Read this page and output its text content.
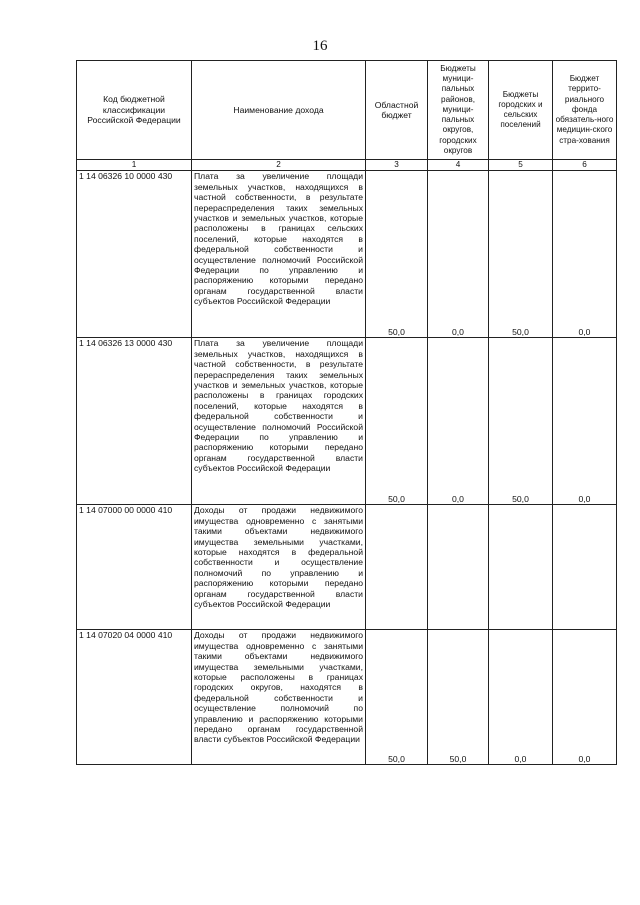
16
Код бюджетной классификации Российской Федерации	Наименование дохода	Областной бюджет	Бюджеты муници-пальных районов, муници-пальных округов, городских округов	Бюджеты городских и сельских поселений	Бюджет террито-риального фонда обязатель-ного медицин-ского стра-хования
1	2	3	4	5	6
1 14 06326 10 0000 430	Плата за увеличение площади земельных участков, находящихся в частной собственности, в результате перераспределения таких земельных участков и земельных участков, которые расположены в границах сельских поселений, которые находятся в федеральной собственности и осуществление полномочий Российской Федерации по управлению и распоряжению которыми передано органам государственной власти субъектов Российской Федерации	50,0	0,0	50,0	0,0
1 14 06326 13 0000 430	Плата за увеличение площади земельных участков, находящихся в частной собственности, в результате перераспределения таких земельных участков и земельных участков, которые расположены в границах городских поселений, которые находятся в федеральной собственности и осуществление полномочий Российской Федерации по управлению и распоряжению которыми передано органам государственной власти субъектов Российской Федерации	50,0	0,0	50,0	0,0
1 14 07000 00 0000 410	Доходы от продажи недвижимого имущества одновременно с занятыми такими объектами недвижимого имущества земельными участками, которые находятся в федеральной собственности и осуществление полномочий по управлению и распоряжению которыми передано органам государственной власти субъектов Российской Федерации				
1 14 07020 04 0000 410	Доходы от продажи недвижимого имущества одновременно с занятыми такими объектами недвижимого имущества земельными участками, которые расположены в границах городских округов, находятся в федеральной собственности и осуществление полномочий по управлению и распоряжению которыми передано органам государственной власти субъектов Российской Федерации	50,0	50,0	0,0	0,0
